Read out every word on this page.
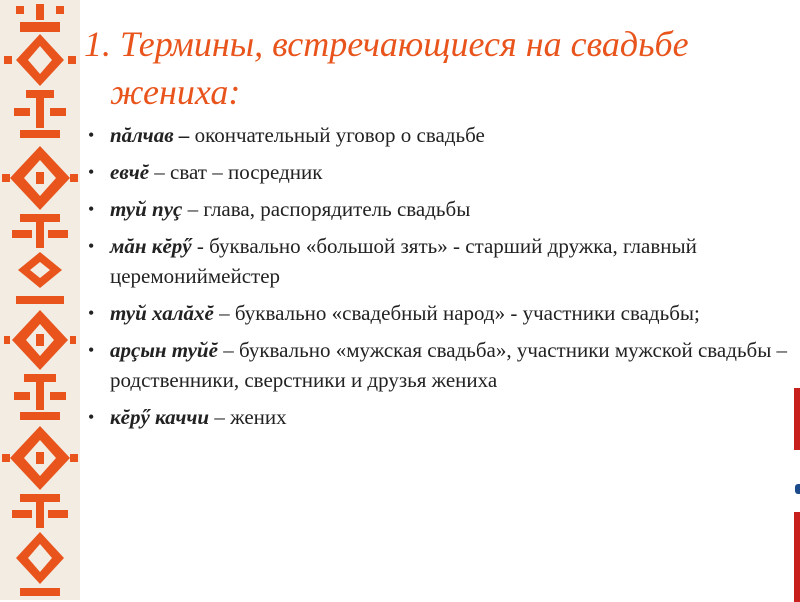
1. Термины, встречающиеся на свадьбе
жениха:
• пăлчав – окончательный уговор о свадьбе
• евчĕ – сват – посредник
• туй пуç – глава, распорядитель свадьбы
• мăн кĕрӳ - буквально «большой зять» - старший дружка, главный церемониймейстер
• туй халăхĕ – буквально «свадебный народ» - участники свадьбы;
• арçын туйĕ – буквально «мужская свадьба», участники мужской свадьбы – родственники, сверстники и друзья жениха
• кĕрӳ каччи – жених
